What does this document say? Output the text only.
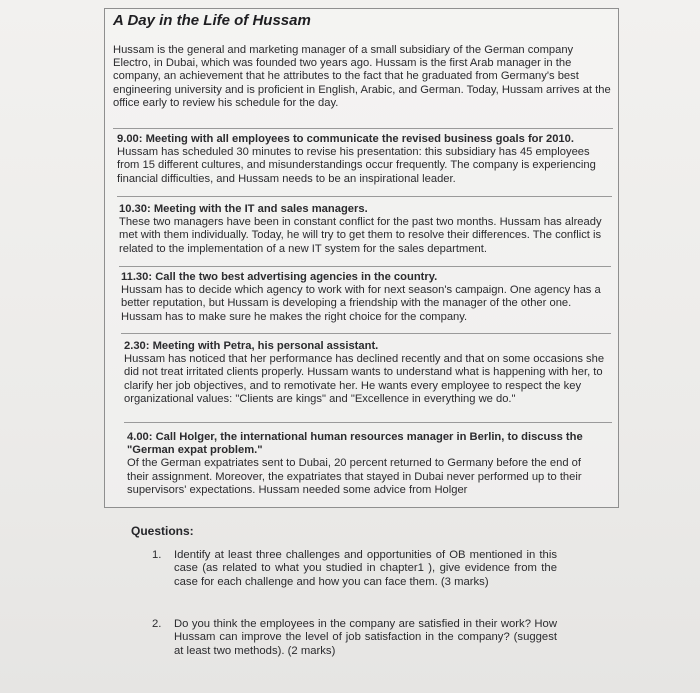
A Day in the Life of Hussam
Hussam is the general and marketing manager of a small subsidiary of the German company Electro, in Dubai, which was founded two years ago. Hussam is the first Arab manager in the company, an achievement that he attributes to the fact that he graduated from Germany's best engineering university and is proficient in English, Arabic, and German. Today, Hussam arrives at the office early to review his schedule for the day.
9.00: Meeting with all employees to communicate the revised business goals for 2010.
Hussam has scheduled 30 minutes to revise his presentation: this subsidiary has 45 employees from 15 different cultures, and misunderstandings occur frequently. The company is experiencing financial difficulties, and Hussam needs to be an inspirational leader.
10.30: Meeting with the IT and sales managers.
These two managers have been in constant conflict for the past two months. Hussam has already met with them individually. Today, he will try to get them to resolve their differences. The conflict is related to the implementation of a new IT system for the sales department.
11.30: Call the two best advertising agencies in the country.
Hussam has to decide which agency to work with for next season's campaign. One agency has a better reputation, but Hussam is developing a friendship with the manager of the other one. Hussam has to make sure he makes the right choice for the company.
2.30: Meeting with Petra, his personal assistant.
Hussam has noticed that her performance has declined recently and that on some occasions she did not treat irritated clients properly. Hussam wants to understand what is happening with her, to clarify her job objectives, and to remotivate her. He wants every employee to respect the key organizational values: "Clients are kings" and "Excellence in everything we do."
4.00: Call Holger, the international human resources manager in Berlin, to discuss the "German expat problem."
Of the German expatriates sent to Dubai, 20 percent returned to Germany before the end of their assignment. Moreover, the expatriates that stayed in Dubai never performed up to their supervisors' expectations. Hussam needed some advice from Holger
Questions:
1. Identify at least three challenges and opportunities of OB mentioned in this case (as related to what you studied in chapter1 ), give evidence from the case for each challenge and how you can face them. (3 marks)
2. Do you think the employees in the company are satisfied in their work? How Hussam can improve the level of job satisfaction in the company? (suggest at least two methods). (2 marks)
